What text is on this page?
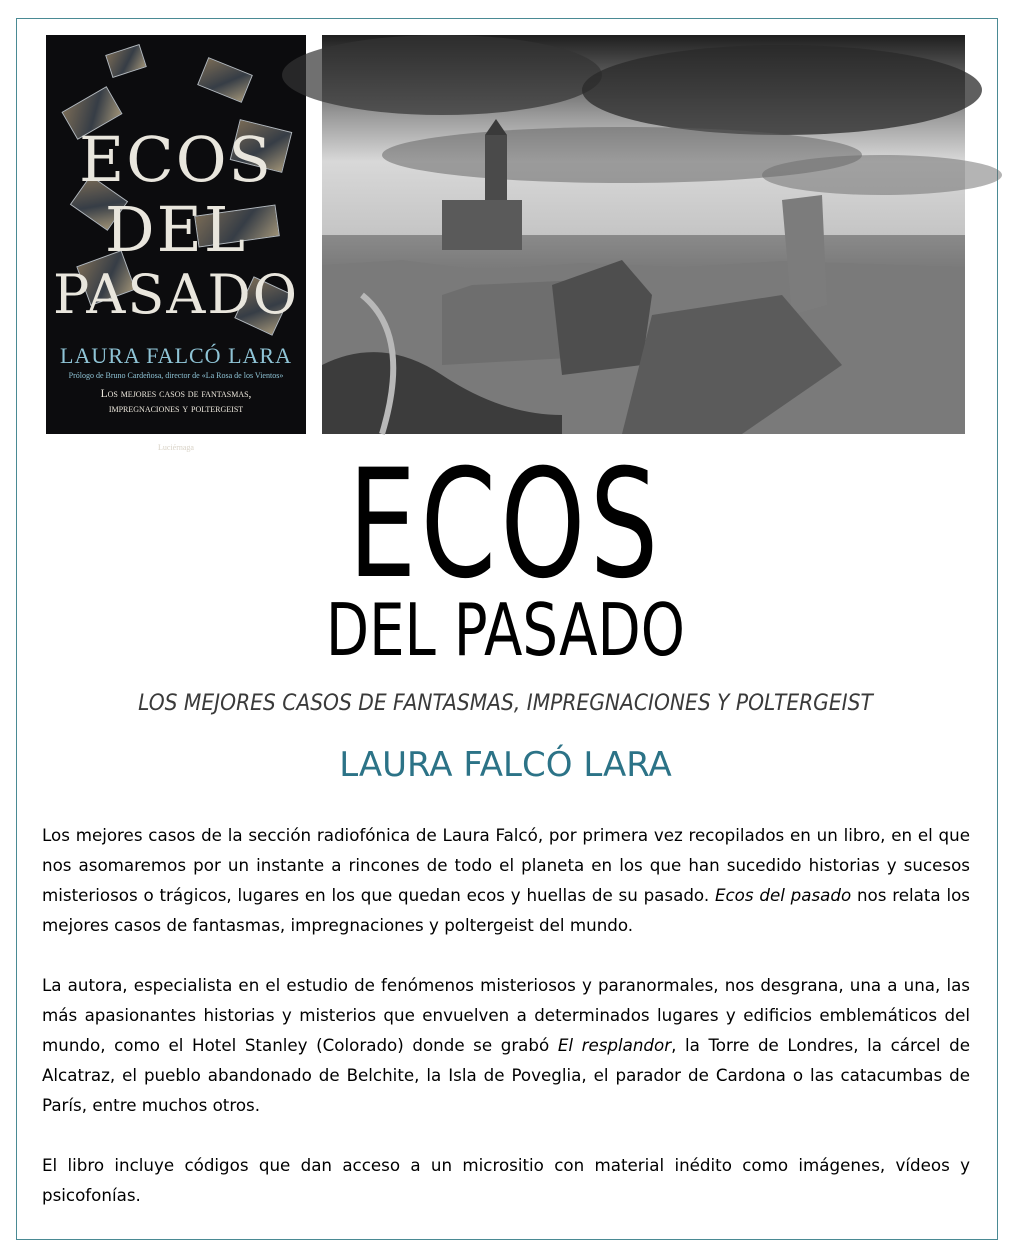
ECOS
DEL
PASADO
LAURA FALCÓ LARA
Prólogo de Bruno Cardeñosa, director de «La Rosa de los Vientos»
Los mejores casos de fantasmas,
impregnaciones y poltergeist
Luciérnaga	ECOS
DEL PASADO
LOS MEJORES CASOS DE FANTASMAS, IMPREGNACIONES Y POLTERGEIST
LAURA FALCÓ LARA

Los mejores casos de la sección radiofónica de Laura Falcó, por primera vez recopilados en un libro, en el que nos asomaremos por un instante a rincones de todo el planeta en los que han sucedido historias y sucesos misteriosos o trágicos, lugares en los que quedan ecos y huellas de su pasado. Ecos del pasado nos relata los mejores casos de fantasmas, impregnaciones y poltergeist del mundo.

La autora, especialista en el estudio de fenómenos misteriosos y paranormales, nos desgrana, una a una, las más apasionantes historias y misterios que envuelven a determinados lugares y edificios emblemáticos del mundo, como el Hotel Stanley (Colorado) donde se grabó El resplandor, la Torre de Londres, la cárcel de Alcatraz, el pueblo abandonado de Belchite, la Isla de Poveglia, el parador de Cardona o las catacumbas de París, entre muchos otros.

El libro incluye códigos que dan acceso a un micrositio con material inédito como imágenes, vídeos y psicofonías.
